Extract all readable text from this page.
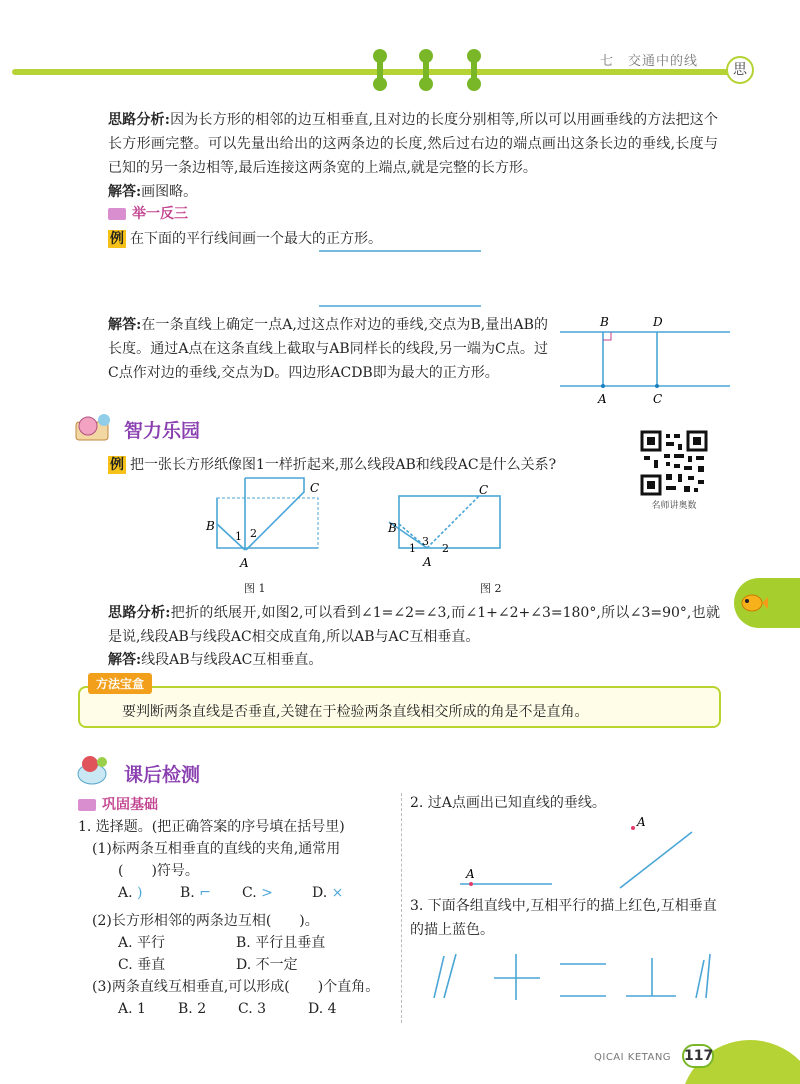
七　交通中的线
思
思路分析:因为长方形的相邻的边互相垂直,且对边的长度分别相等,所以可以用画垂线的方法把这个长方形画完整。可以先量出给出的这两条边的长度,然后过右边的端点画出这条长边的垂线,长度与已知的另一条边相等,最后连接这两条宽的上端点,就是完整的长方形。
解答:画图略。
举一反三
例 在下面的平行线间画一个最大的正方形。
解答:在一条直线上确定一点A,过这点作对边的垂线,交点为B,量出AB的长度。通过A点在这条直线上截取与AB同样长的线段,另一端为C点。过C点作对边的垂线,交点为D。四边形ACDB即为最大的正方形。
B	D
A	C
智力乐园
例 把一张长方形纸像图1一样折起来,那么线段AB和线段AC是什么关系?
名师讲奥数
C
B
A
1 2
图 1
C
B
A
1
3
2
图 2
思路分析:把折的纸展开,如图2,可以看到∠1=∠2=∠3,而∠1+∠2+∠3=180°,所以∠3=90°,也就是说,线段AB与线段AC相交成直角,所以AB与AC互相垂直。
解答:线段AB与线段AC互相垂直。
方法宝盒
要判断两条直线是否垂直,关键在于检验两条直线相交所成的角是不是直角。
课后检测
巩固基础
1. 选择题。(把正确答案的序号填在括号里)
(1)标两条互相垂直的直线的夹角,通常用
(　　)符号。
A. )	B. ⌐	C. >	D. ×
(2)长方形相邻的两条边互相(　　)。
A. 平行	B. 平行且垂直
C. 垂直	D. 不一定
(3)两条直线互相垂直,可以形成(　　)个直角。
A. 1	B. 2	C. 3	D. 4
2. 过A点画出已知直线的垂线。
A
A
3. 下面各组直线中,互相平行的描上红色,互相垂直的描上蓝色。
QICAI KETANG 117
